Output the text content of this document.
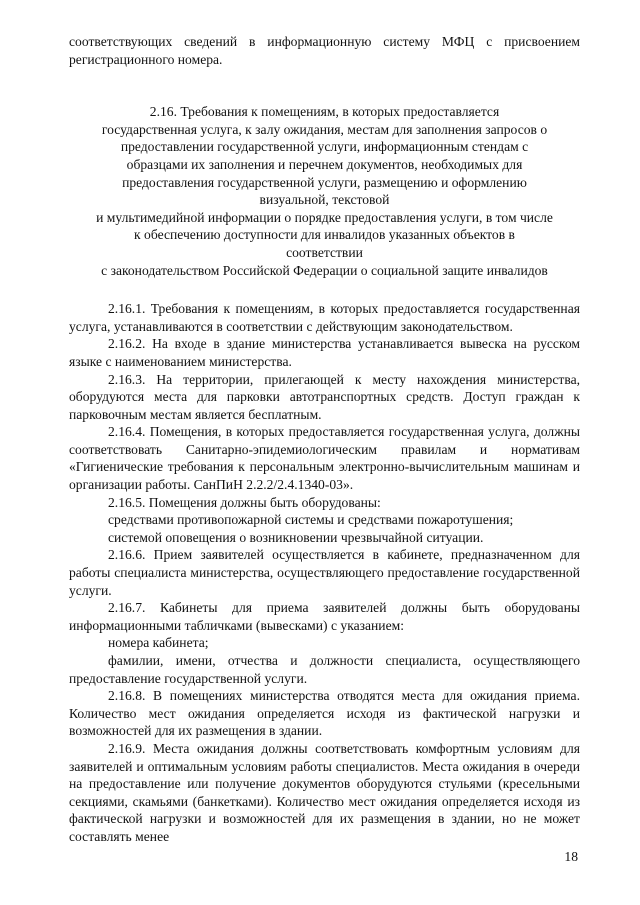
соответствующих сведений в информационную систему МФЦ с присвоением регистрационного номера.

2.16. Требования к помещениям, в которых предоставляется

государственная услуга, к залу ожидания, местам для заполнения запросов о

предоставлении государственной услуги, информационным стендам с

образцами их заполнения и перечнем документов, необходимых для

предоставления государственной услуги, размещению и оформлению

визуальной, текстовой

и мультимедийной информации о порядке предоставления услуги, в том числе

к обеспечению доступности для инвалидов указанных объектов в

соответствии

с законодательством Российской Федерации о социальной защите инвалидов

2.16.1. Требования к помещениям, в которых предоставляется государственная услуга, устанавливаются в соответствии с действующим законодательством.

2.16.2. На входе в здание министерства устанавливается вывеска на русском языке с наименованием министерства.

2.16.3. На территории, прилегающей к месту нахождения министерства, оборудуются места для парковки автотранспортных средств. Доступ граждан к парковочным местам является бесплатным.

2.16.4. Помещения, в которых предоставляется государственная услуга, должны соответствовать Санитарно-эпидемиологическим правилам и нормативам «Гигиенические требования к персональным электронно-вычислительным машинам и организации работы. СанПиН 2.2.2/2.4.1340-03».

2.16.5. Помещения должны быть оборудованы:

средствами противопожарной системы и средствами пожаротушения;

системой оповещения о возникновении чрезвычайной ситуации.

2.16.6. Прием заявителей осуществляется в кабинете, предназначенном для работы специалиста министерства, осуществляющего предоставление государственной услуги.

2.16.7. Кабинеты для приема заявителей должны быть оборудованы информационными табличками (вывесками) с указанием:

номера кабинета;

фамилии, имени, отчества и должности специалиста, осуществляющего предоставление государственной услуги.

2.16.8. В помещениях министерства отводятся места для ожидания приема. Количество мест ожидания определяется исходя из фактической нагрузки и возможностей для их размещения в здании.

2.16.9. Места ожидания должны соответствовать комфортным условиям для заявителей и оптимальным условиям работы специалистов. Места ожидания в очереди на предоставление или получение документов оборудуются стульями (кресельными секциями, скамьями (банкетками). Количество мест ожидания определяется исходя из фактической нагрузки и возможностей для их размещения в здании, но не может составлять менее

18
